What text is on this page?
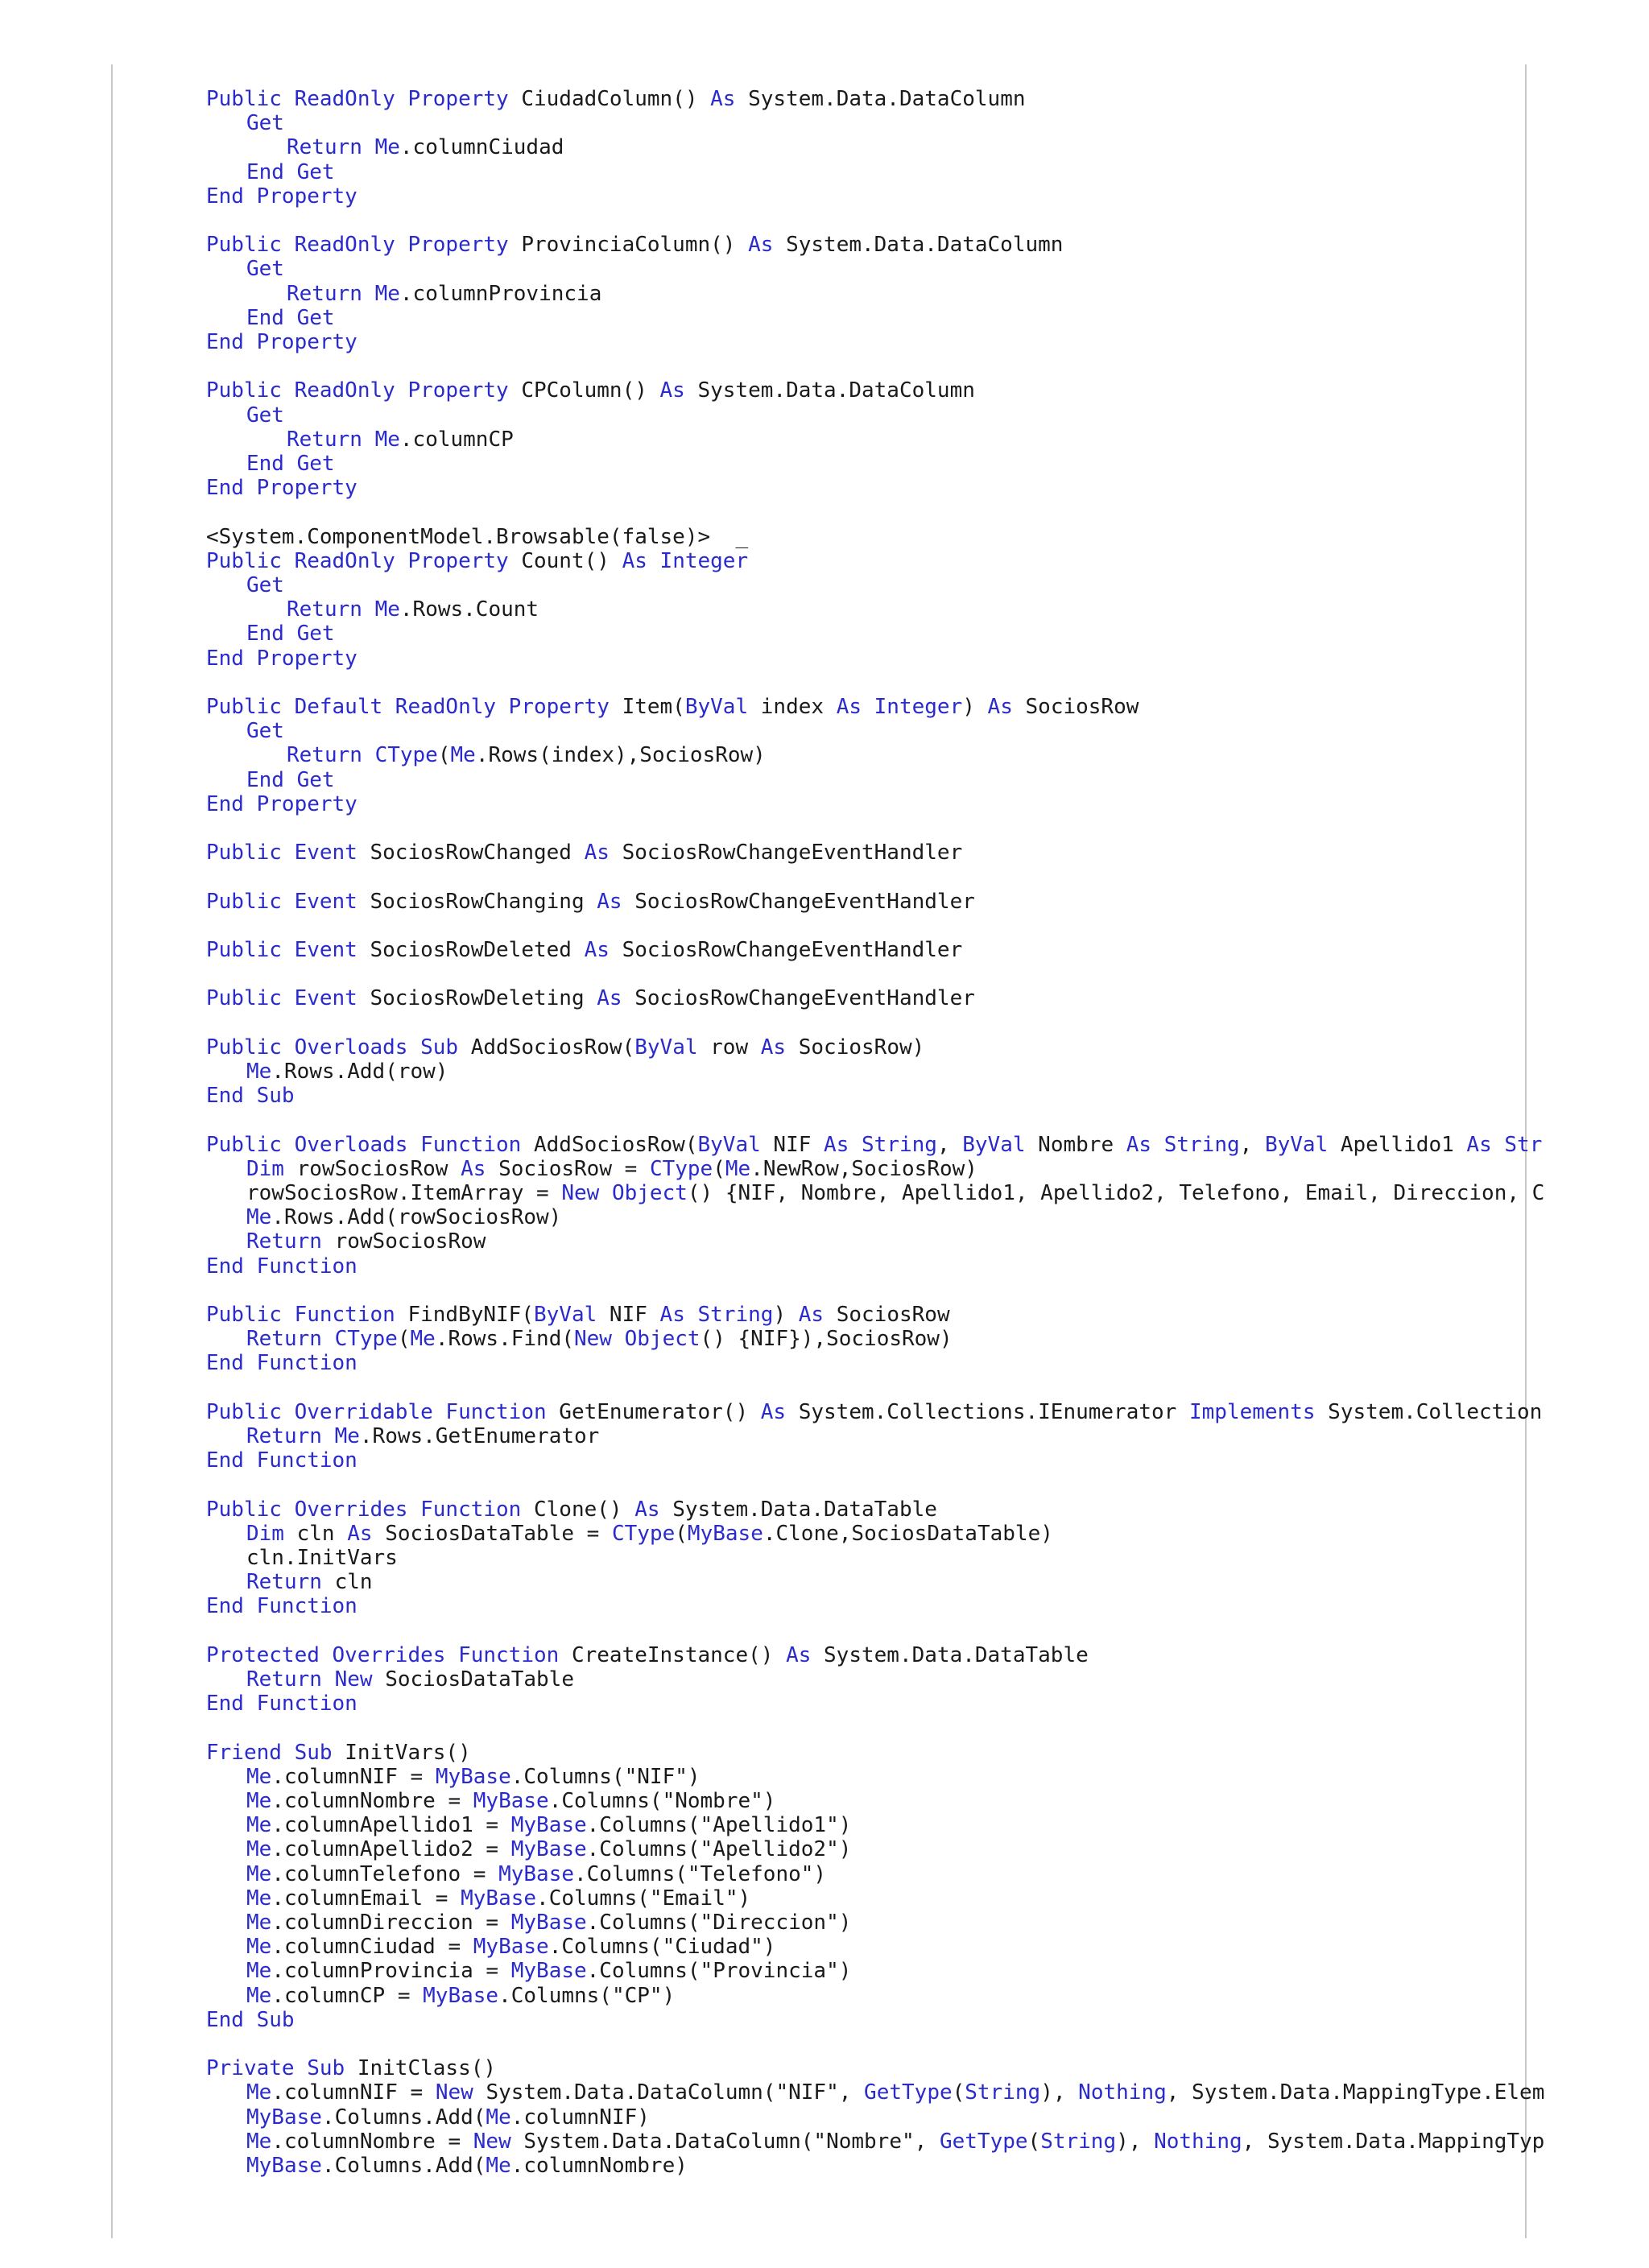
Public ReadOnly Property CiudadColumn() As System.Data.DataColumn
Get
Return Me.columnCiudad
End Get
End Property
Public ReadOnly Property ProvinciaColumn() As System.Data.DataColumn
Get
Return Me.columnProvincia
End Get
End Property
Public ReadOnly Property CPColumn() As System.Data.DataColumn
Get
Return Me.columnCP
End Get
End Property
<System.ComponentModel.Browsable(false)>  _
Public ReadOnly Property Count() As Integer
Get
Return Me.Rows.Count
End Get
End Property
Public Default ReadOnly Property Item(ByVal index As Integer) As SociosRow
Get
Return CType(Me.Rows(index),SociosRow)
End Get
End Property
Public Event SociosRowChanged As SociosRowChangeEventHandler
Public Event SociosRowChanging As SociosRowChangeEventHandler
Public Event SociosRowDeleted As SociosRowChangeEventHandler
Public Event SociosRowDeleting As SociosRowChangeEventHandler
Public Overloads Sub AddSociosRow(ByVal row As SociosRow)
Me.Rows.Add(row)
End Sub
Public Overloads Function AddSociosRow(ByVal NIF As String, ByVal Nombre As String, ByVal Apellido1 As Str
Dim rowSociosRow As SociosRow = CType(Me.NewRow,SociosRow)
rowSociosRow.ItemArray = New Object() {NIF, Nombre, Apellido1, Apellido2, Telefono, Email, Direccion, C
Me.Rows.Add(rowSociosRow)
Return rowSociosRow
End Function
Public Function FindByNIF(ByVal NIF As String) As SociosRow
Return CType(Me.Rows.Find(New Object() {NIF}),SociosRow)
End Function
Public Overridable Function GetEnumerator() As System.Collections.IEnumerator Implements System.Collection
Return Me.Rows.GetEnumerator
End Function
Public Overrides Function Clone() As System.Data.DataTable
Dim cln As SociosDataTable = CType(MyBase.Clone,SociosDataTable)
cln.InitVars
Return cln
End Function
Protected Overrides Function CreateInstance() As System.Data.DataTable
Return New SociosDataTable
End Function
Friend Sub InitVars()
Me.columnNIF = MyBase.Columns("NIF")
Me.columnNombre = MyBase.Columns("Nombre")
Me.columnApellido1 = MyBase.Columns("Apellido1")
Me.columnApellido2 = MyBase.Columns("Apellido2")
Me.columnTelefono = MyBase.Columns("Telefono")
Me.columnEmail = MyBase.Columns("Email")
Me.columnDireccion = MyBase.Columns("Direccion")
Me.columnCiudad = MyBase.Columns("Ciudad")
Me.columnProvincia = MyBase.Columns("Provincia")
Me.columnCP = MyBase.Columns("CP")
End Sub
Private Sub InitClass()
Me.columnNIF = New System.Data.DataColumn("NIF", GetType(String), Nothing, System.Data.MappingType.Elem
MyBase.Columns.Add(Me.columnNIF)
Me.columnNombre = New System.Data.DataColumn("Nombre", GetType(String), Nothing, System.Data.MappingTyp
MyBase.Columns.Add(Me.columnNombre)
